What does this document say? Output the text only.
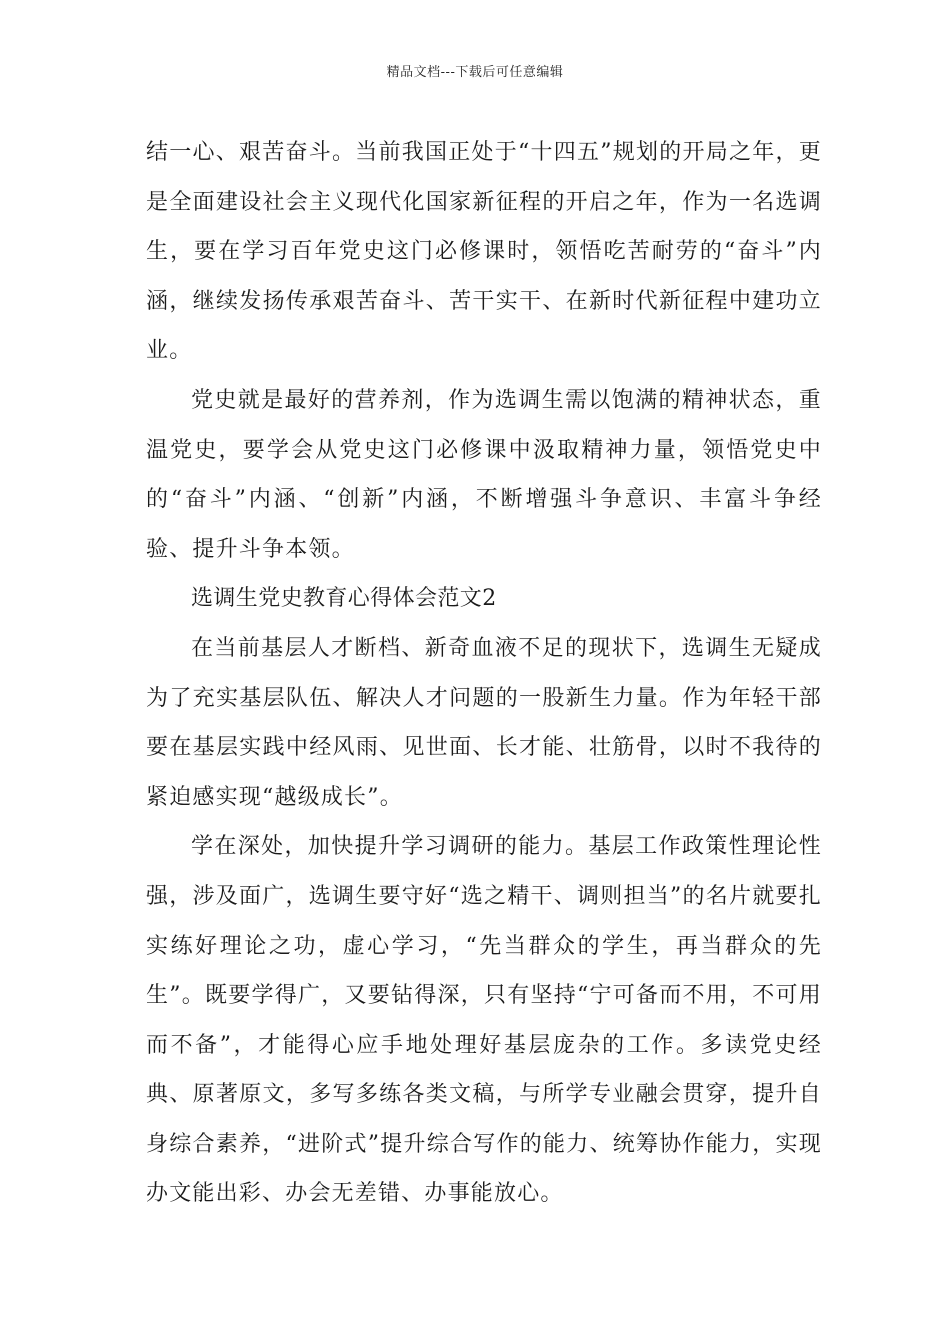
精品文档---下载后可任意编辑

结一心、艰苦奋斗。当前我国正处于“十四五”规划的开局之年，更是全面建设社会主义现代化国家新征程的开启之年，作为一名选调生，要在学习百年党史这门必修课时，领悟吃苦耐劳的“奋斗”内涵，继续发扬传承艰苦奋斗、苦干实干、在新时代新征程中建功立业。

党史就是最好的营养剂，作为选调生需以饱满的精神状态，重温党史，要学会从党史这门必修课中汲取精神力量，领悟党史中的“奋斗”内涵、“创新”内涵，不断增强斗争意识、丰富斗争经验、提升斗争本领。

选调生党史教育心得体会范文2

在当前基层人才断档、新奇血液不足的现状下，选调生无疑成为了充实基层队伍、解决人才问题的一股新生力量。作为年轻干部要在基层实践中经风雨、见世面、长才能、壮筋骨，以时不我待的紧迫感实现“越级成长”。

学在深处，加快提升学习调研的能力。基层工作政策性理论性强，涉及面广，选调生要守好“选之精干、调则担当”的名片就要扎实练好理论之功，虚心学习，“先当群众的学生，再当群众的先生”。既要学得广，又要钻得深，只有坚持“宁可备而不用，不可用而不备”，才能得心应手地处理好基层庞杂的工作。多读党史经典、原著原文，多写多练各类文稿，与所学专业融会贯穿，提升自身综合素养，“进阶式”提升综合写作的能力、统筹协作能力，实现办文能出彩、办会无差错、办事能放心。
